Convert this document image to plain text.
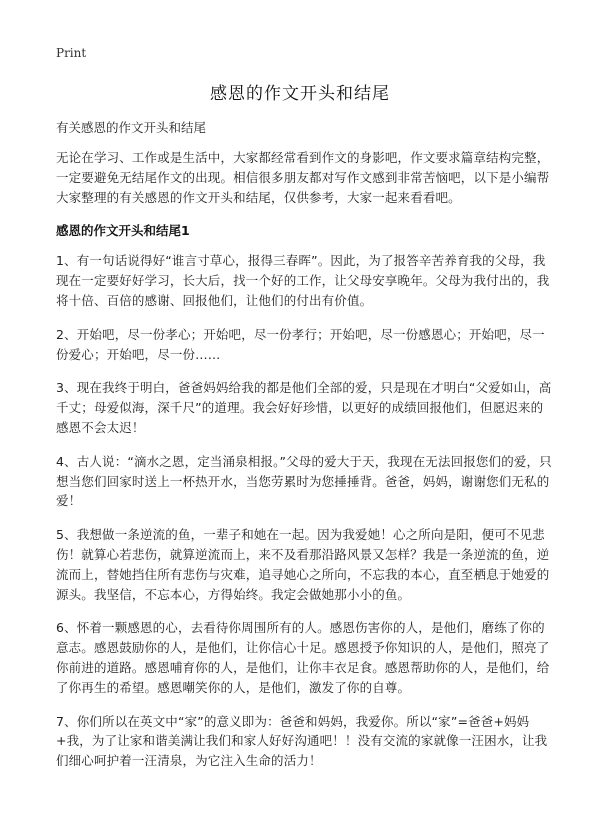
Print
感恩的作文开头和结尾
有关感恩的作文开头和结尾

无论在学习、工作或是生活中，大家都经常看到作文的身影吧，作文要求篇章结构完整，一定要避免无结尾作文的出现。相信很多朋友都对写作文感到非常苦恼吧，以下是小编帮大家整理的有关感恩的作文开头和结尾，仅供参考，大家一起来看看吧。

感恩的作文开头和结尾1

1、有一句话说得好“谁言寸草心，报得三春晖”。因此，为了报答辛苦养育我的父母，我现在一定要好好学习，长大后，找一个好的工作，让父母安享晚年。父母为我付出的，我将十倍、百倍的感谢、回报他们，让他们的付出有价值。

2、开始吧，尽一份孝心；开始吧，尽一份孝行；开始吧，尽一份感恩心；开始吧，尽一份爱心；开始吧，尽一份……

3、现在我终于明白，爸爸妈妈给我的都是他们全部的爱，只是现在才明白“父爱如山，高千丈；母爱似海，深千尺”的道理。我会好好珍惜，以更好的成绩回报他们，但愿迟来的感恩不会太迟！

4、古人说：“滴水之恩，定当涌泉相报。”父母的爱大于天，我现在无法回报您们的爱，只想当您们回家时送上一杯热开水，当您劳累时为您捶捶背。爸爸，妈妈，谢谢您们无私的爱！

5、我想做一条逆流的鱼，一辈子和她在一起。因为我爱她！心之所向是阳，便可不见悲伤！就算心若悲伤，就算逆流而上，来不及看那沿路风景又怎样？我是一条逆流的鱼，逆流而上，替她挡住所有悲伤与灾难，追寻她心之所向，不忘我的本心，直至栖息于她爱的源头。我坚信，不忘本心，方得始终。我定会做她那小小的鱼。

6、怀着一颗感恩的心，去看待你周围所有的人。感恩伤害你的人，是他们，磨练了你的意志。感恩鼓励你的人，是他们，让你信心十足。感恩授予你知识的人，是他们，照亮了你前进的道路。感恩哺育你的人，是他们，让你丰衣足食。感恩帮助你的人，是他们，给了你再生的希望。感恩嘲笑你的人，是他们，激发了你的自尊。

7、你们所以在英文中“家”的意义即为：爸爸和妈妈，我爱你。所以“家”=爸爸+妈妈+我，为了让家和谐美满让我们和家人好好沟通吧！！没有交流的家就像一汪困水，让我们细心呵护着一汪清泉，为它注入生命的活力！
